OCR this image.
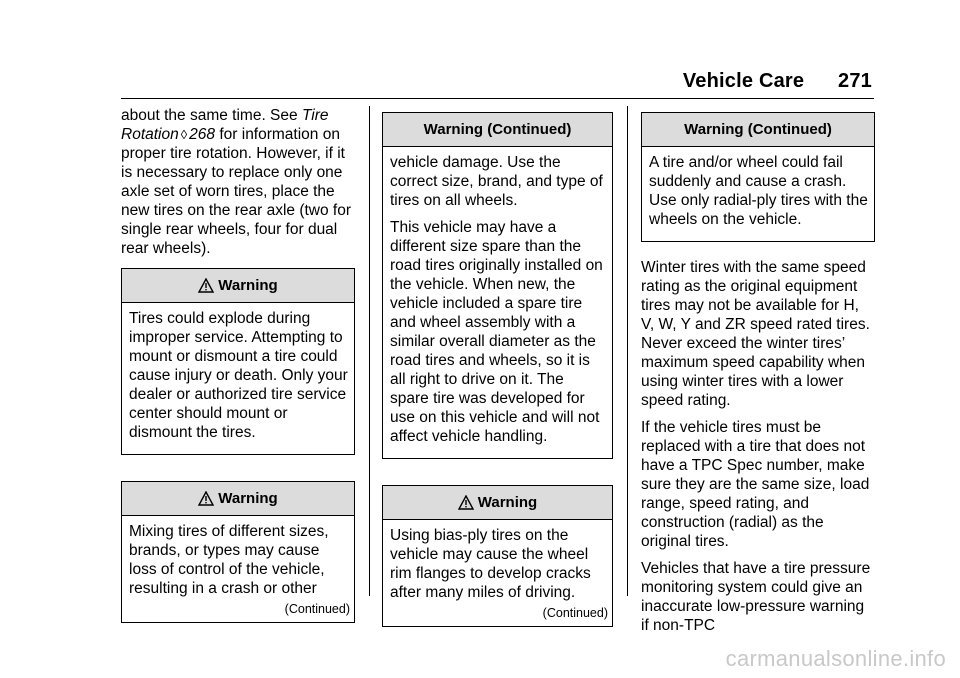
Vehicle Care 271

about the same time. See Tire Rotation ◊ 268 for information on proper tire rotation. However, if it is necessary to replace only one axle set of worn tires, place the new tires on the rear axle (two for single rear wheels, four for dual rear wheels).

Warning

Tires could explode during improper service. Attempting to mount or dismount a tire could cause injury or death. Only your dealer or authorized tire service center should mount or dismount the tires.

Warning

Mixing tires of different sizes, brands, or types may cause loss of control of the vehicle, resulting in a crash or other

(Continued)
Warning (Continued)

vehicle damage. Use the correct size, brand, and type of tires on all wheels.

This vehicle may have a different size spare than the road tires originally installed on the vehicle. When new, the vehicle included a spare tire and wheel assembly with a similar overall diameter as the road tires and wheels, so it is all right to drive on it. The spare tire was developed for use on this vehicle and will not affect vehicle handling.

Warning

Using bias-ply tires on the vehicle may cause the wheel rim flanges to develop cracks after many miles of driving.

(Continued)
Warning (Continued)

A tire and/or wheel could fail suddenly and cause a crash. Use only radial-ply tires with the wheels on the vehicle.

Winter tires with the same speed rating as the original equipment tires may not be available for H, V, W, Y and ZR speed rated tires. Never exceed the winter tires’ maximum speed capability when using winter tires with a lower speed rating.

If the vehicle tires must be replaced with a tire that does not have a TPC Spec number, make sure they are the same size, load range, speed rating, and construction (radial) as the original tires.

Vehicles that have a tire pressure monitoring system could give an inaccurate low-pressure warning if non-TPC

carmanualsonline.info
